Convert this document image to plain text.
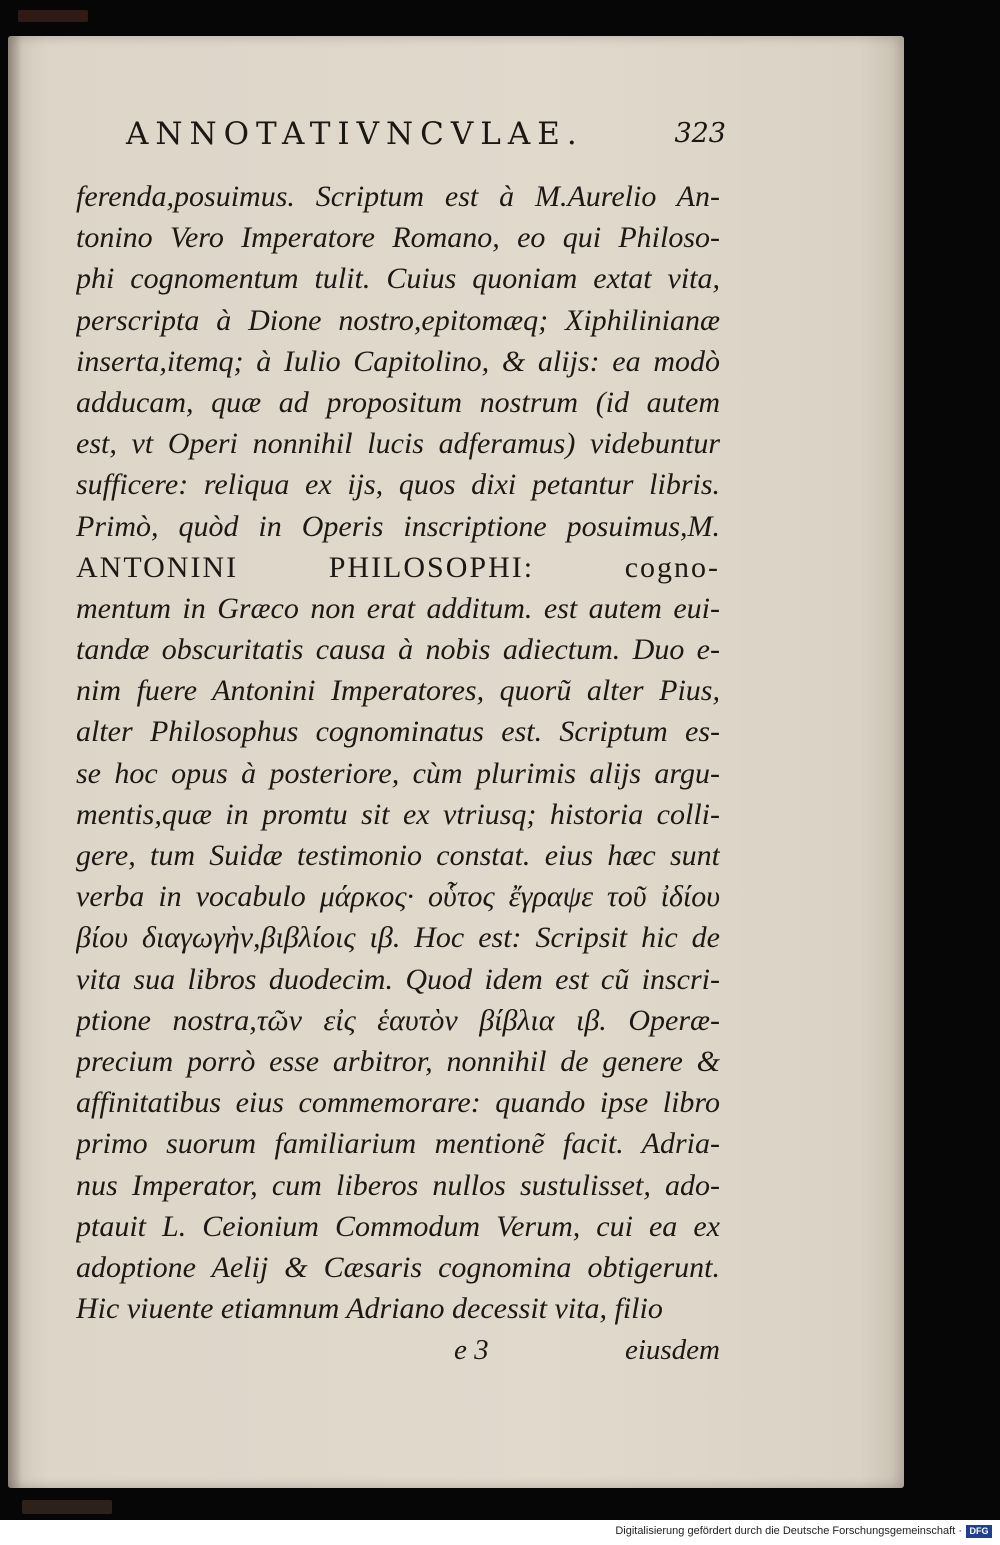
ANNOTATIVNCVLAE.	323
ferenda,posuimus. Scriptum est à M.Aurelio An-
tonino Vero Imperatore Romano, eo qui Philoso-
phi cognomentum tulit. Cuius quoniam extat vita,
perscripta à Dione nostro,epitomæq; Xiphilinianæ
inserta,itemq; à Iulio Capitolino, & alijs: ea modò
adducam, quæ ad propositum nostrum (id autem
est, vt Operi nonnihil lucis adferamus) videbuntur
sufficere: reliqua ex ijs, quos dixi petantur libris.
Primò, quòd in Operis inscriptione posuimus,M.
ANTONINI PHILOSOPHI: cogno-
mentum in Græco non erat additum. est autem eui-
tandæ obscuritatis causa à nobis adiectum. Duo e-
nim fuere Antonini Imperatores, quorũ alter Pius,
alter Philosophus cognominatus est. Scriptum es-
se hoc opus à posteriore, cùm plurimis alijs argu-
mentis,quæ in promtu sit ex vtriusq; historia colli-
gere, tum Suidæ testimonio constat. eius hæc sunt
verba in vocabulo μάρκος· οὗτος ἔγραψε τοῦ ἰδίου
βίου διαγωγὴν,βιβλίοις ιβ. Hoc est: Scripsit hic de
vita sua libros duodecim. Quod idem est cũ inscri-
ptione nostra,τῶν εἰς ἑαυτὸν βίβλια ιβ. Operæ-
precium porrò esse arbitror, nonnihil de genere &
affinitatibus eius commemorare: quando ipse libro
primo suorum familiarium mentionẽ facit. Adria-
nus Imperator, cum liberos nullos sustulisset, ado-
ptauit L. Ceionium Commodum Verum, cui ea ex
adoptione Aelij & Cæsaris cognomina obtigerunt.
Hic viuente etiamnum Adriano decessit vita, filio
e 3	eiusdem
Digitalisierung gefördert durch die Deutsche Forschungsgemeinschaft · DFG
